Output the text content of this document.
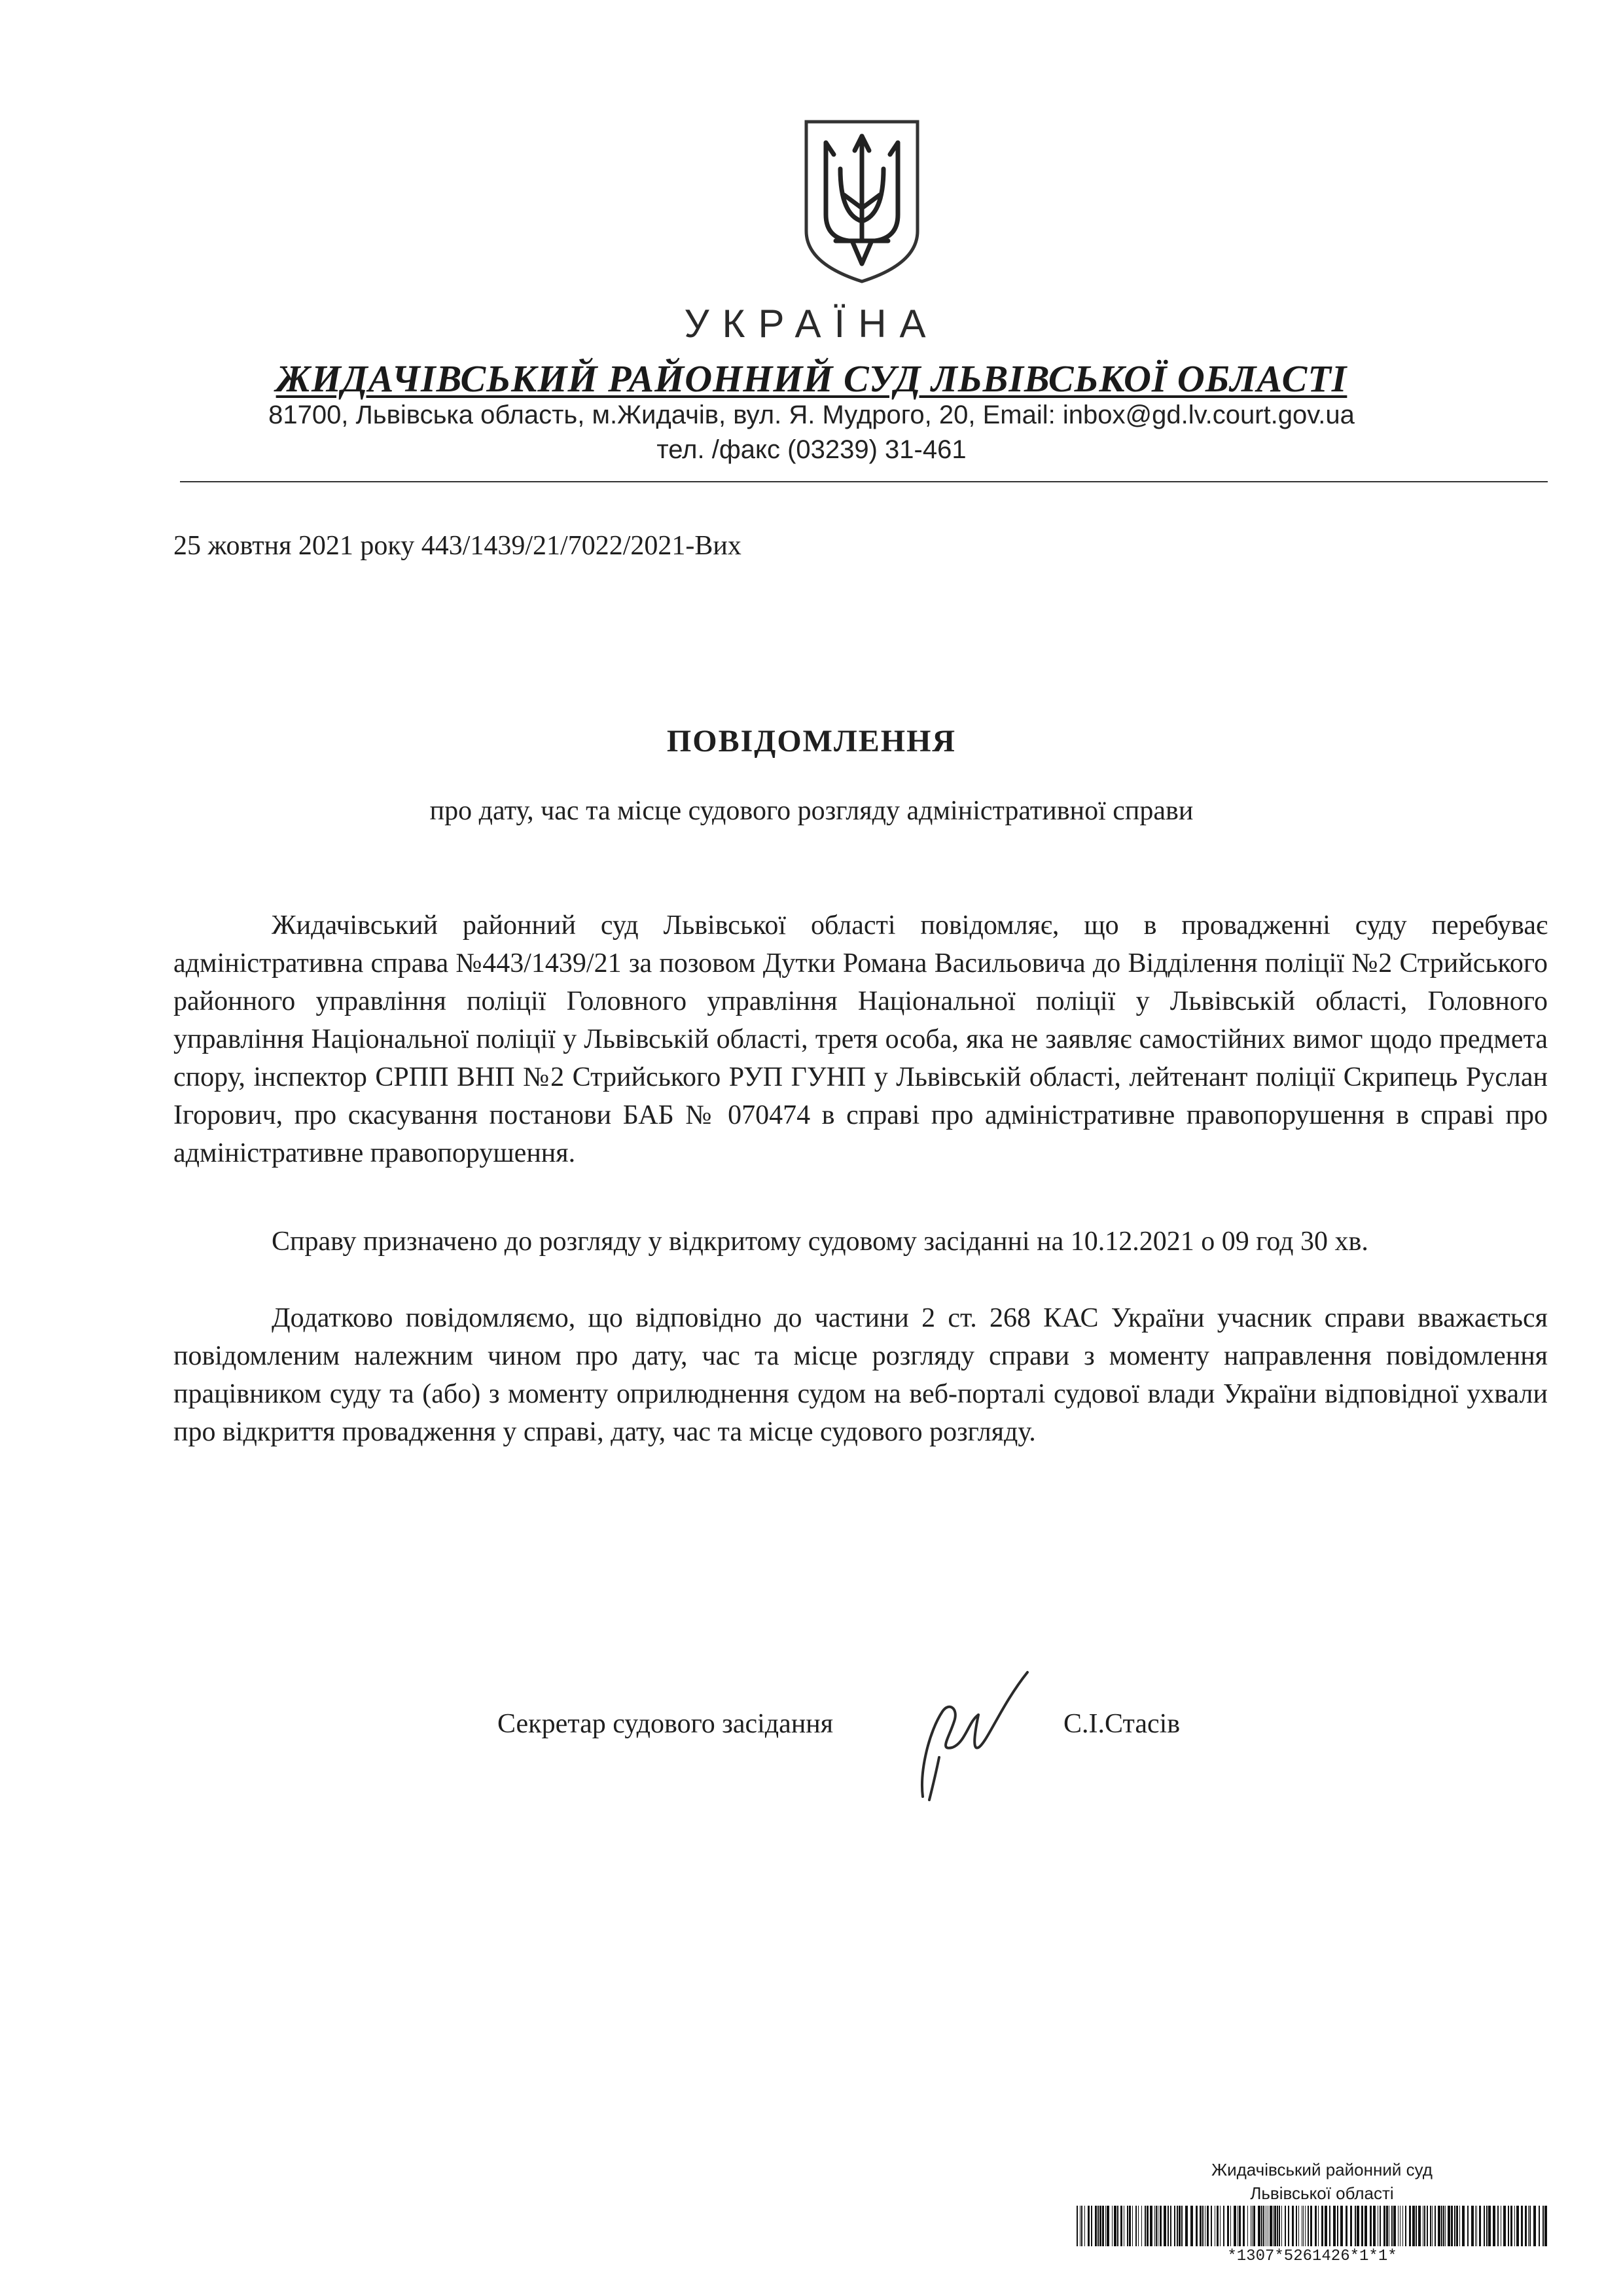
УКРАЇНА
ЖИДАЧІВСЬКИЙ РАЙОННИЙ СУД ЛЬВІВСЬКОЇ ОБЛАСТІ
81700, Львівська область, м.Жидачів, вул. Я. Мудрого, 20, Email: inbox@gd.lv.court.gov.ua
тел. /факс (03239) 31-461
25 жовтня 2021 року 443/1439/21/7022/2021-Вих
ПОВІДОМЛЕННЯ
про дату, час та місце судового розгляду адміністративної справи
Жидачівський районний суд Львівської області повідомляє, що в провадженні суду перебуває адміністративна справа №443/1439/21 за позовом Дутки Романа Васильовича до Відділення поліції №2 Стрийського районного управління поліції Головного управління Національної поліції у Львівській області, Головного управління Національної поліції у Львівській області, третя особа, яка не заявляє самостійних вимог щодо предмета спору, інспектор СРПП ВНП №2 Стрийського РУП ГУНП у Львівській області, лейтенант поліції Скрипець Руслан Ігорович, про скасування постанови БАБ № 070474 в справі про адміністративне правопорушення в справі про адміністративне правопорушення.
Справу призначено до розгляду у відкритому судовому засіданні на 10.12.2021 о 09 год 30 хв.
Додатково повідомляємо, що відповідно до частини 2 ст. 268 КАС України учасник справи вважається повідомленим належним чином про дату, час та місце розгляду справи з моменту направлення повідомлення працівником суду та (або) з моменту оприлюднення судом на веб-порталі судової влади України відповідної ухвали про відкриття провадження у справі, дату, час та місце судового розгляду.
Секретар судового засідання	С.І.Стасів
Жидачівський районний суд
Львівської області
*1307*5261426*1*1*
